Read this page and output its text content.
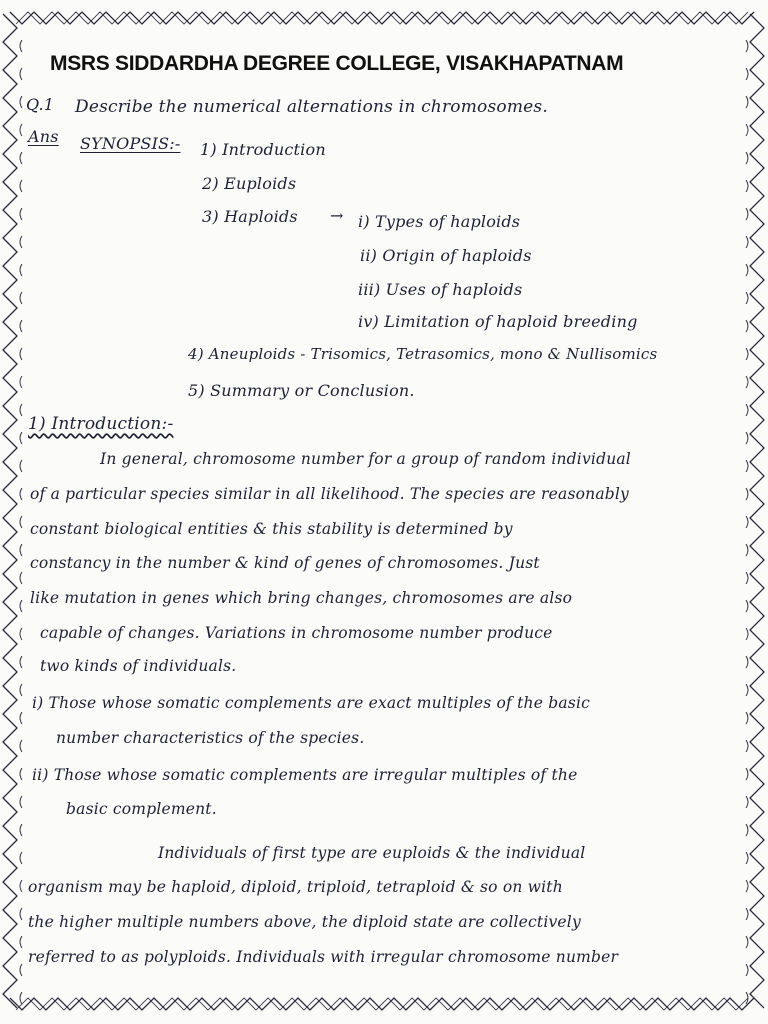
MSRS SIDDARDHA DEGREE COLLEGE, VISAKHAPATNAM
Q.1 Describe the numerical alternations in chromosomes.
Ans SYNOPSIS:- 1) Introduction
2) Euploids
3) Haploids → i) Types of haploids
ii) Origin of haploids
iii) Uses of haploids
iv) Limitation of haploid breeding
4) Aneuploids - Trisomics, Tetrasomics, mono & Nullisomics
5) Summary or Conclusion.
1) Introduction:-
In general, chromosome number for a group of random individual
of a particular species similar in all likelihood. The species are reasonably
constant biological entities & this stability is determined by
constancy in the number & kind of genes of chromosomes. Just
like mutation in genes which bring changes, chromosomes are also
capable of changes. Variations in chromosome number produce
two kinds of individuals.
i) Those whose somatic complements are exact multiples of the basic
number characteristics of the species.
ii) Those whose somatic complements are irregular multiples of the
basic complement.
Individuals of first type are euploids & the individual
organism may be haploid, diploid, triploid, tetraploid & so on with
the higher multiple numbers above, the diploid state are collectively
referred to as polyploids. Individuals with irregular chromosome number
